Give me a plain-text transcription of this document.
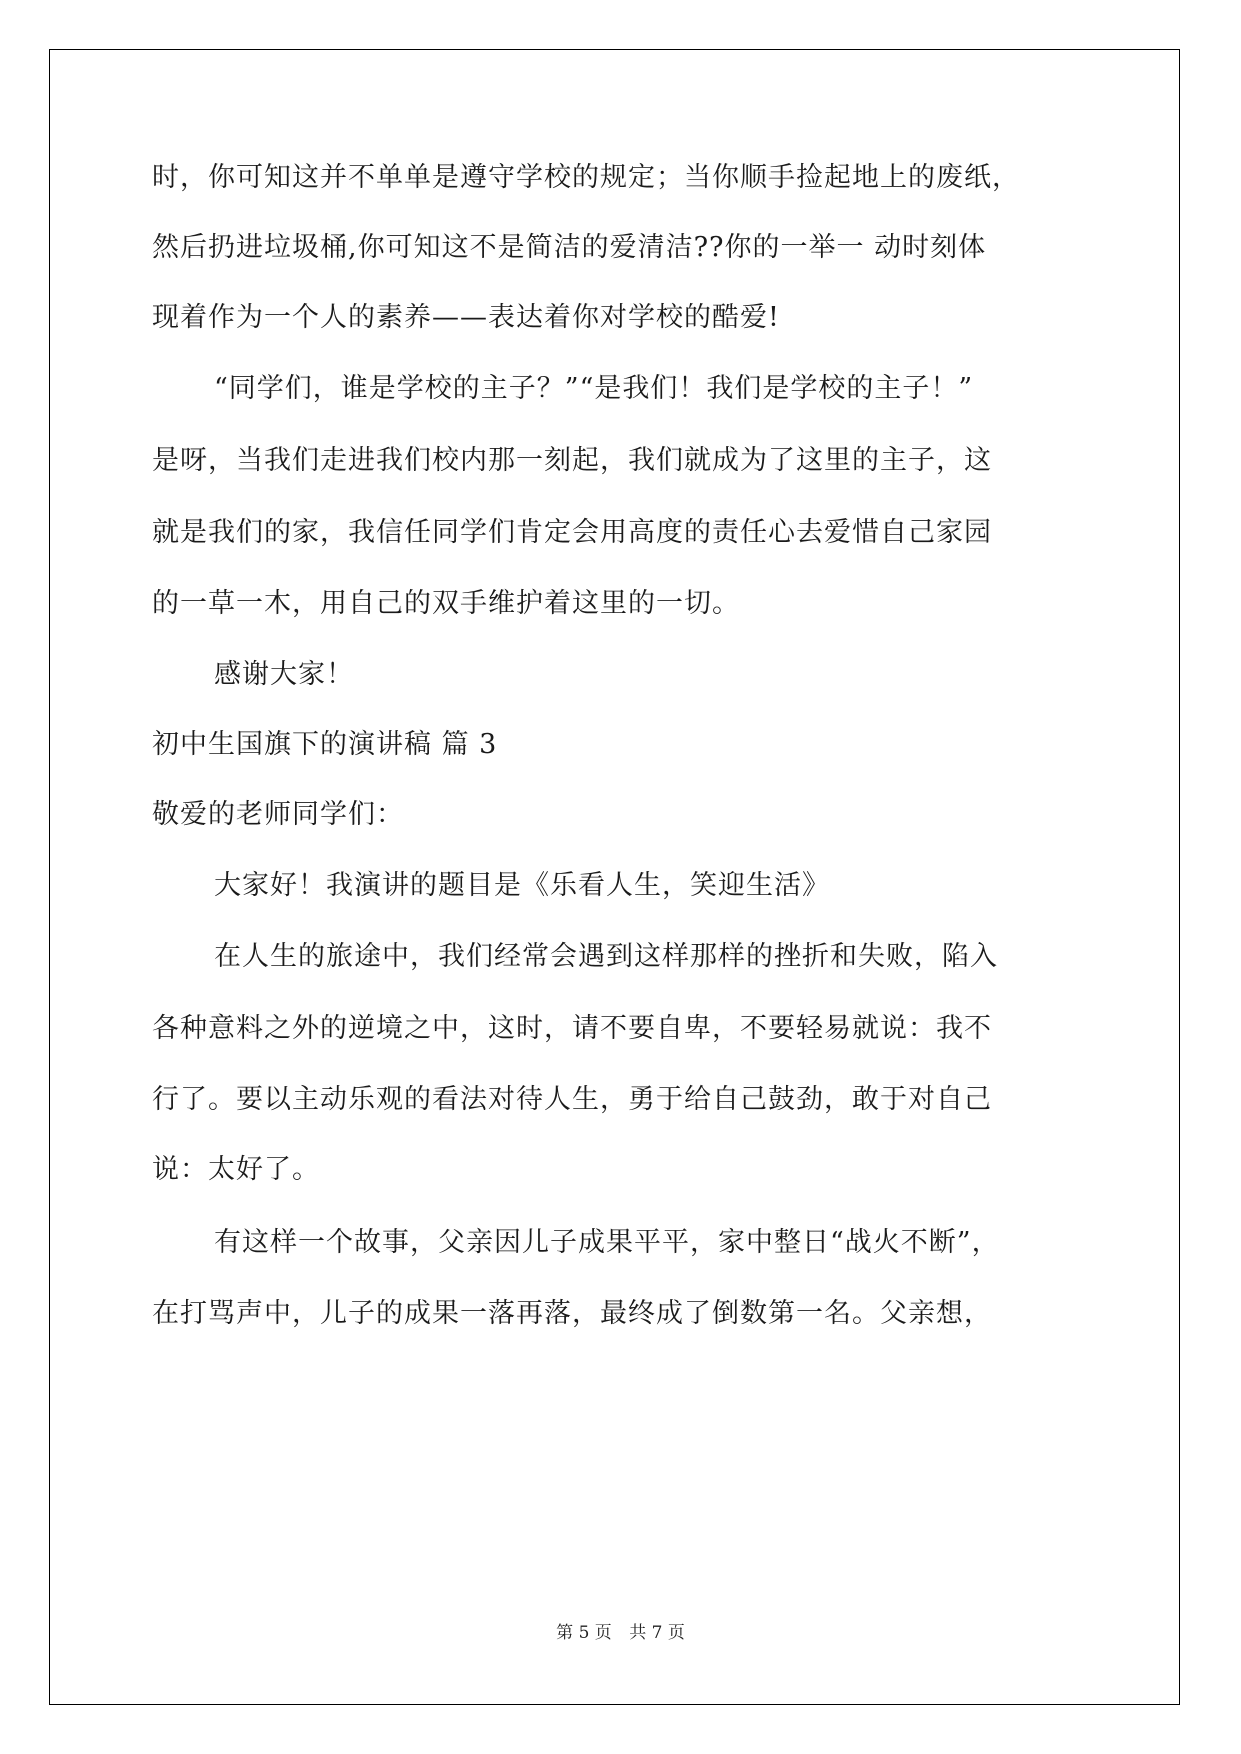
时，你可知这并不单单是遵守学校的规定；当你顺手捡起地上的废纸，
然后扔进垃圾桶,你可知这不是简洁的爱清洁??你的一举一 动时刻体
现着作为一个人的素养——表达着你对学校的酷爱!
“同学们，谁是学校的主子？”“是我们！我们是学校的主子！”
是呀，当我们走进我们校内那一刻起，我们就成为了这里的主子，这
就是我们的家，我信任同学们肯定会用高度的责任心去爱惜自己家园
的一草一木，用自己的双手维护着这里的一切。
感谢大家！
初中生国旗下的演讲稿 篇 3
敬爱的老师同学们：
大家好！我演讲的题目是《乐看人生，笑迎生活》
在人生的旅途中，我们经常会遇到这样那样的挫折和失败，陷入
各种意料之外的逆境之中，这时，请不要自卑，不要轻易就说：我不
行了。要以主动乐观的看法对待人生，勇于给自己鼓劲，敢于对自己
说：太好了。
有这样一个故事，父亲因儿子成果平平，家中整日“战火不断”，
在打骂声中，儿子的成果一落再落，最终成了倒数第一名。父亲想，
第 5 页 共 7 页
